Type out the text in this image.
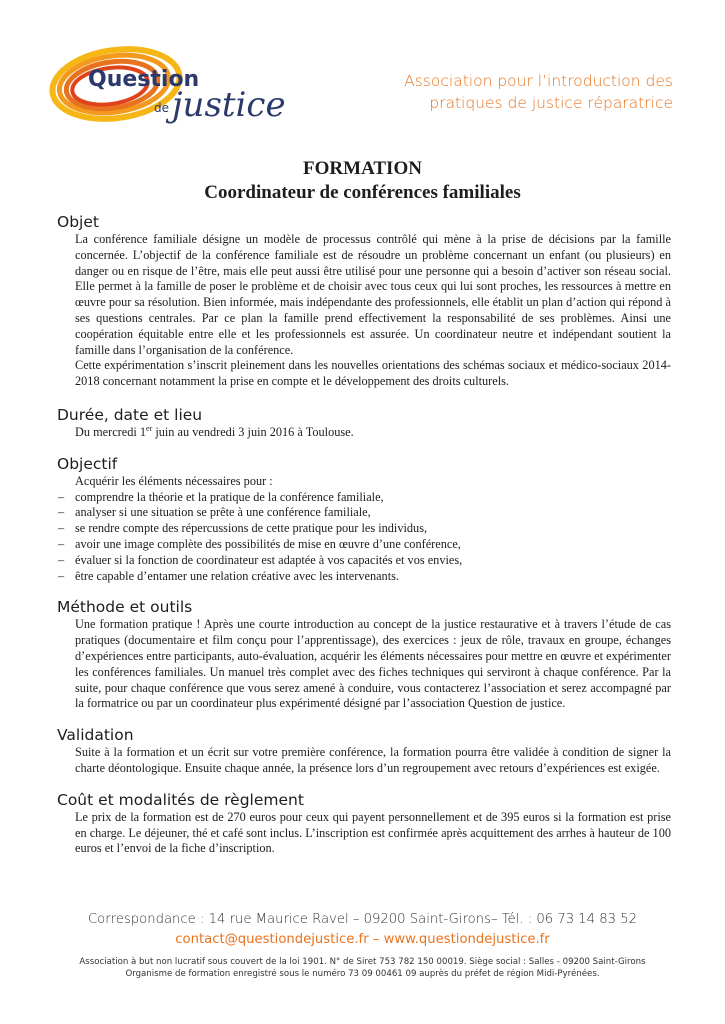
Question
de justice
Association pour l’introduction des
pratiques de justice réparatrice
FORMATION
Coordinateur de conférences familiales
Objet

La conférence familiale désigne un modèle de processus contrôlé qui mène à la prise de décisions par la famille concernée. L’objectif de la conférence familiale est de résoudre un problème concernant un enfant (ou plusieurs) en danger ou en risque de l’être, mais elle peut aussi être utilisé pour une personne qui a besoin d’activer son réseau social. Elle permet à la famille de poser le problème et de choisir avec tous ceux qui lui sont proches, les ressources à mettre en œuvre pour sa résolution. Bien informée, mais indépendante des professionnels, elle établit un plan d’action qui répond à ses questions centrales. Par ce plan la famille prend effectivement la responsabilité de ses problèmes. Ainsi une coopération équitable entre elle et les professionnels est assurée. Un coordinateur neutre et indépendant soutient la famille dans l’organisation de la conférence.

Cette expérimentation s’inscrit pleinement dans les nouvelles orientations des schémas sociaux et médico-sociaux 2014-2018 concernant notamment la prise en compte et le développement des droits culturels.

Durée, date et lieu

Du mercredi 1er juin au vendredi 3 juin 2016 à Toulouse.

Objectif

Acquérir les éléments nécessaires pour :

– comprendre la théorie et la pratique de la conférence familiale,
– analyser si une situation se prête à une conférence familiale,
– se rendre compte des répercussions de cette pratique pour les individus,
– avoir une image complète des possibilités de mise en œuvre d’une conférence,
– évaluer si la fonction de coordinateur est adaptée à vos capacités et vos envies,
– être capable d’entamer une relation créative avec les intervenants.
Méthode et outils

Une formation pratique ! Après une courte introduction au concept de la justice restaurative et à travers l’étude de cas pratiques (documentaire et film conçu pour l’apprentissage), des exercices : jeux de rôle, travaux en groupe, échanges d’expériences entre participants, auto-évaluation, acquérir les éléments nécessaires pour mettre en œuvre et expérimenter les conférences familiales. Un manuel très complet avec des fiches techniques qui serviront à chaque conférence. Par la suite, pour chaque conférence que vous serez amené à conduire, vous contacterez l’association et serez accompagné par la formatrice ou par un coordinateur plus expérimenté désigné par l’association Question de justice.

Validation

Suite à la formation et un écrit sur votre première conférence, la formation pourra être validée à condition de signer la charte déontologique. Ensuite chaque année, la présence lors d’un regroupement avec retours d’expériences est exigée.

Coût et modalités de règlement

Le prix de la formation est de 270 euros pour ceux qui payent personnellement et de 395 euros si la formation est prise en charge. Le déjeuner, thé et café sont inclus. L’inscription est confirmée après acquittement des arrhes à hauteur de 100 euros et l’envoi de la fiche d’inscription.

Correspondance : 14 rue Maurice Ravel – 09200 Saint-Girons– Tél. : 06 73 14 83 52
contact@questiondejustice.fr – www.questiondejustice.fr
Association à but non lucratif sous couvert de la loi 1901. N° de Siret 753 782 150 00019. Siège social : Salles - 09200 Saint-Girons
Organisme de formation enregistré sous le numéro 73 09 00461 09 auprès du préfet de région Midi-Pyrénées.
